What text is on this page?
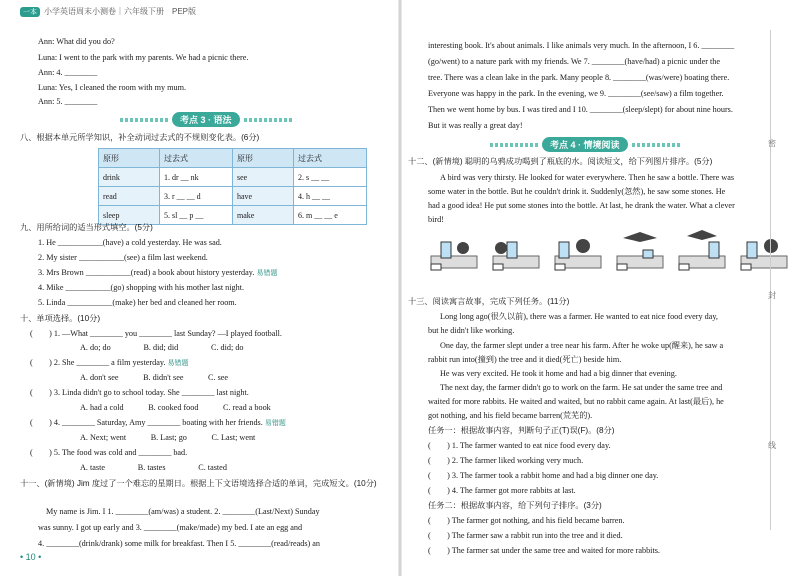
一本 小学英语周末小测卷｜六年级下册　PEP版
Ann: What did you do?
Luna: I went to the park with my parents. We had a picnic there.
Ann: 4. ________
Luna: Yes, I cleaned the room with my mum.
Ann: 5. ________
考点 3 · 语法
八、根据本单元所学知识，补全动词过去式的不规则变化表。(6分)
原形	过去式	原形	过去式
drink	1. dr __ nk	see	2. s __ __
read	3. r __ __ d	have	4. h __ __
sleep	5. sl __ p __	make	6. m __ __ e
九、用所给词的适当形式填空。(5分)
1. He ___________(have) a cold yesterday. He was sad.
2. My sister ___________(see) a film last weekend.
3. Mrs Brown ___________(read) a book about history yesterday. 易错题
4. Mike ___________(go) shopping with his mother last night.
5. Linda ___________(make) her bed and cleaned her room.
十、单项选择。(10分)
(　　) 1. —What ________ you ________ last Sunday? —I played football.
A. do; do　　　　B. did; did　　　　C. did; do
(　　) 2. She ________ a film yesterday. 易错题
A. don't see　　　B. didn't see　　　C. see
(　　) 3. Linda didn't go to school today. She ________ last night.
A. had a cold　　　B. cooked food　　　C. read a book
(　　) 4. ________ Saturday, Amy ________ boating with her friends. 易错题
A. Next; went　　　B. Last; go　　　C. Last; went
(　　) 5. The food was cold and ________ bad.
A. taste　　　　B. tastes　　　　C. tasted
十一、(新情境) Jim 度过了一个难忘的星期日。根据上下文语境选择合适的单词，完成短文。(10分)
My name is Jim. I 1. ________(am/was) a student. 2. ________(Last/Next) Sunday
was sunny. I got up early and 3. ________(make/made) my bed. I ate an egg and
4. ________(drink/drank) some milk for breakfast. Then I 5. ________(read/reads) an
• 10 •
interesting book. It's about animals. I like animals very much. In the afternoon, I 6. ________
(go/went) to a nature park with my friends. We 7. ________(have/had) a picnic under the
tree. There was a clean lake in the park. Many people 8. ________(was/were) boating there.
Everyone was happy in the park. In the evening, we 9. ________(see/saw) a film together.
Then we went home by bus. I was tired and I 10. ________(sleep/slept) for about nine hours.
But it was really a great day!
考点 4 · 情境阅读
十二、(新情境) 聪明的乌鸦成功喝到了瓶底的水。阅读短文，给下列图片排序。(5分)
A bird was very thirsty. He looked for water everywhere. Then he saw a bottle. There was
some water in the bottle. But he couldn't drink it. Suddenly(忽然), he saw some stones. He
had a good idea! He put some stones into the bottle. At last, he drank the water. What a clever
bird!
十三、阅读寓言故事，完成下列任务。(11分)
Long long ago(很久以前), there was a farmer. He wanted to eat nice food every day,
but he didn't like working.
One day, the farmer slept under a tree near his farm. After he woke up(醒来), he saw a
rabbit run into(撞到) the tree and it died(死亡) beside him.
He was very excited. He took it home and had a big dinner that evening.
The next day, the farmer didn't go to work on the farm. He sat under the same tree and
waited for more rabbits. He waited and waited, but no rabbit came again. At last(最后), he
got nothing, and his field became barren(荒芜的).
任务一：根据故事内容，判断句子正(T)误(F)。(8分)
(　　) 1. The farmer wanted to eat nice food every day.
(　　) 2. The farmer liked working very much.
(　　) 3. The farmer took a rabbit home and had a big dinner one day.
(　　) 4. The farmer got more rabbits at last.
任务二：根据故事内容，给下列句子排序。(3分)
(　　) The farmer got nothing, and his field became barren.
(　　) The farmer saw a rabbit run into the tree and it died.
(　　) The farmer sat under the same tree and waited for more rabbits.
密
封
线
